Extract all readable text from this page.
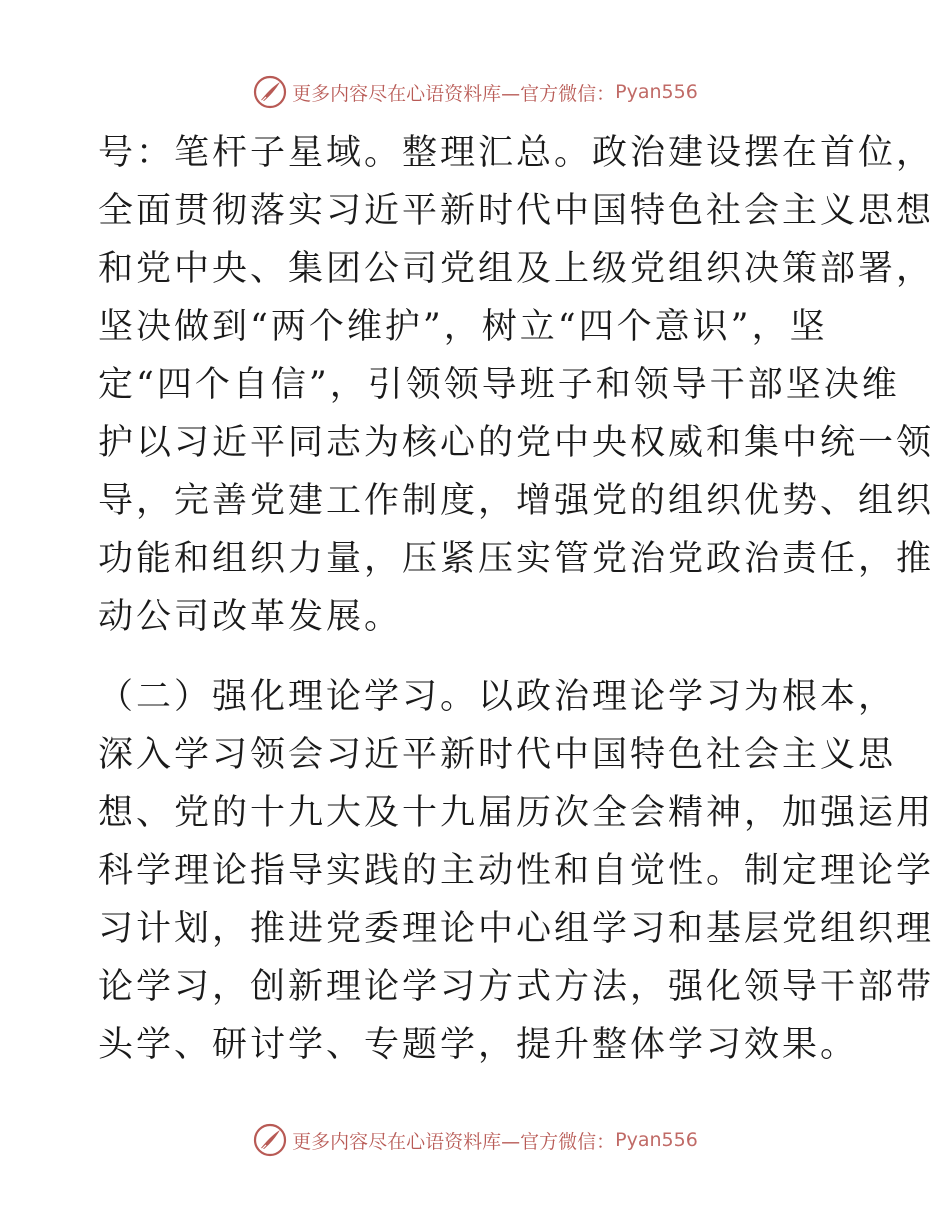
更多内容尽在心语资料库—官方微信： Pyan556

号：笔杆子星域。整理汇总。政治建设摆在首位，
全面贯彻落实习近平新时代中国特色社会主义思想
和党中央、集团公司党组及上级党组织决策部署，
坚决做到“两个维护”，树立“四个意识”，坚
定“四个自信”，引领领导班子和领导干部坚决维
护以习近平同志为核心的党中央权威和集中统一领
导，完善党建工作制度，增强党的组织优势、组织
功能和组织力量，压紧压实管党治党政治责任，推
动公司改革发展。

（二）强化理论学习。以政治理论学习为根本，
深入学习领会习近平新时代中国特色社会主义思
想、党的十九大及十九届历次全会精神，加强运用
科学理论指导实践的主动性和自觉性。制定理论学
习计划，推进党委理论中心组学习和基层党组织理
论学习，创新理论学习方式方法，强化领导干部带
头学、研讨学、专题学，提升整体学习效果。

更多内容尽在心语资料库—官方微信： Pyan556
